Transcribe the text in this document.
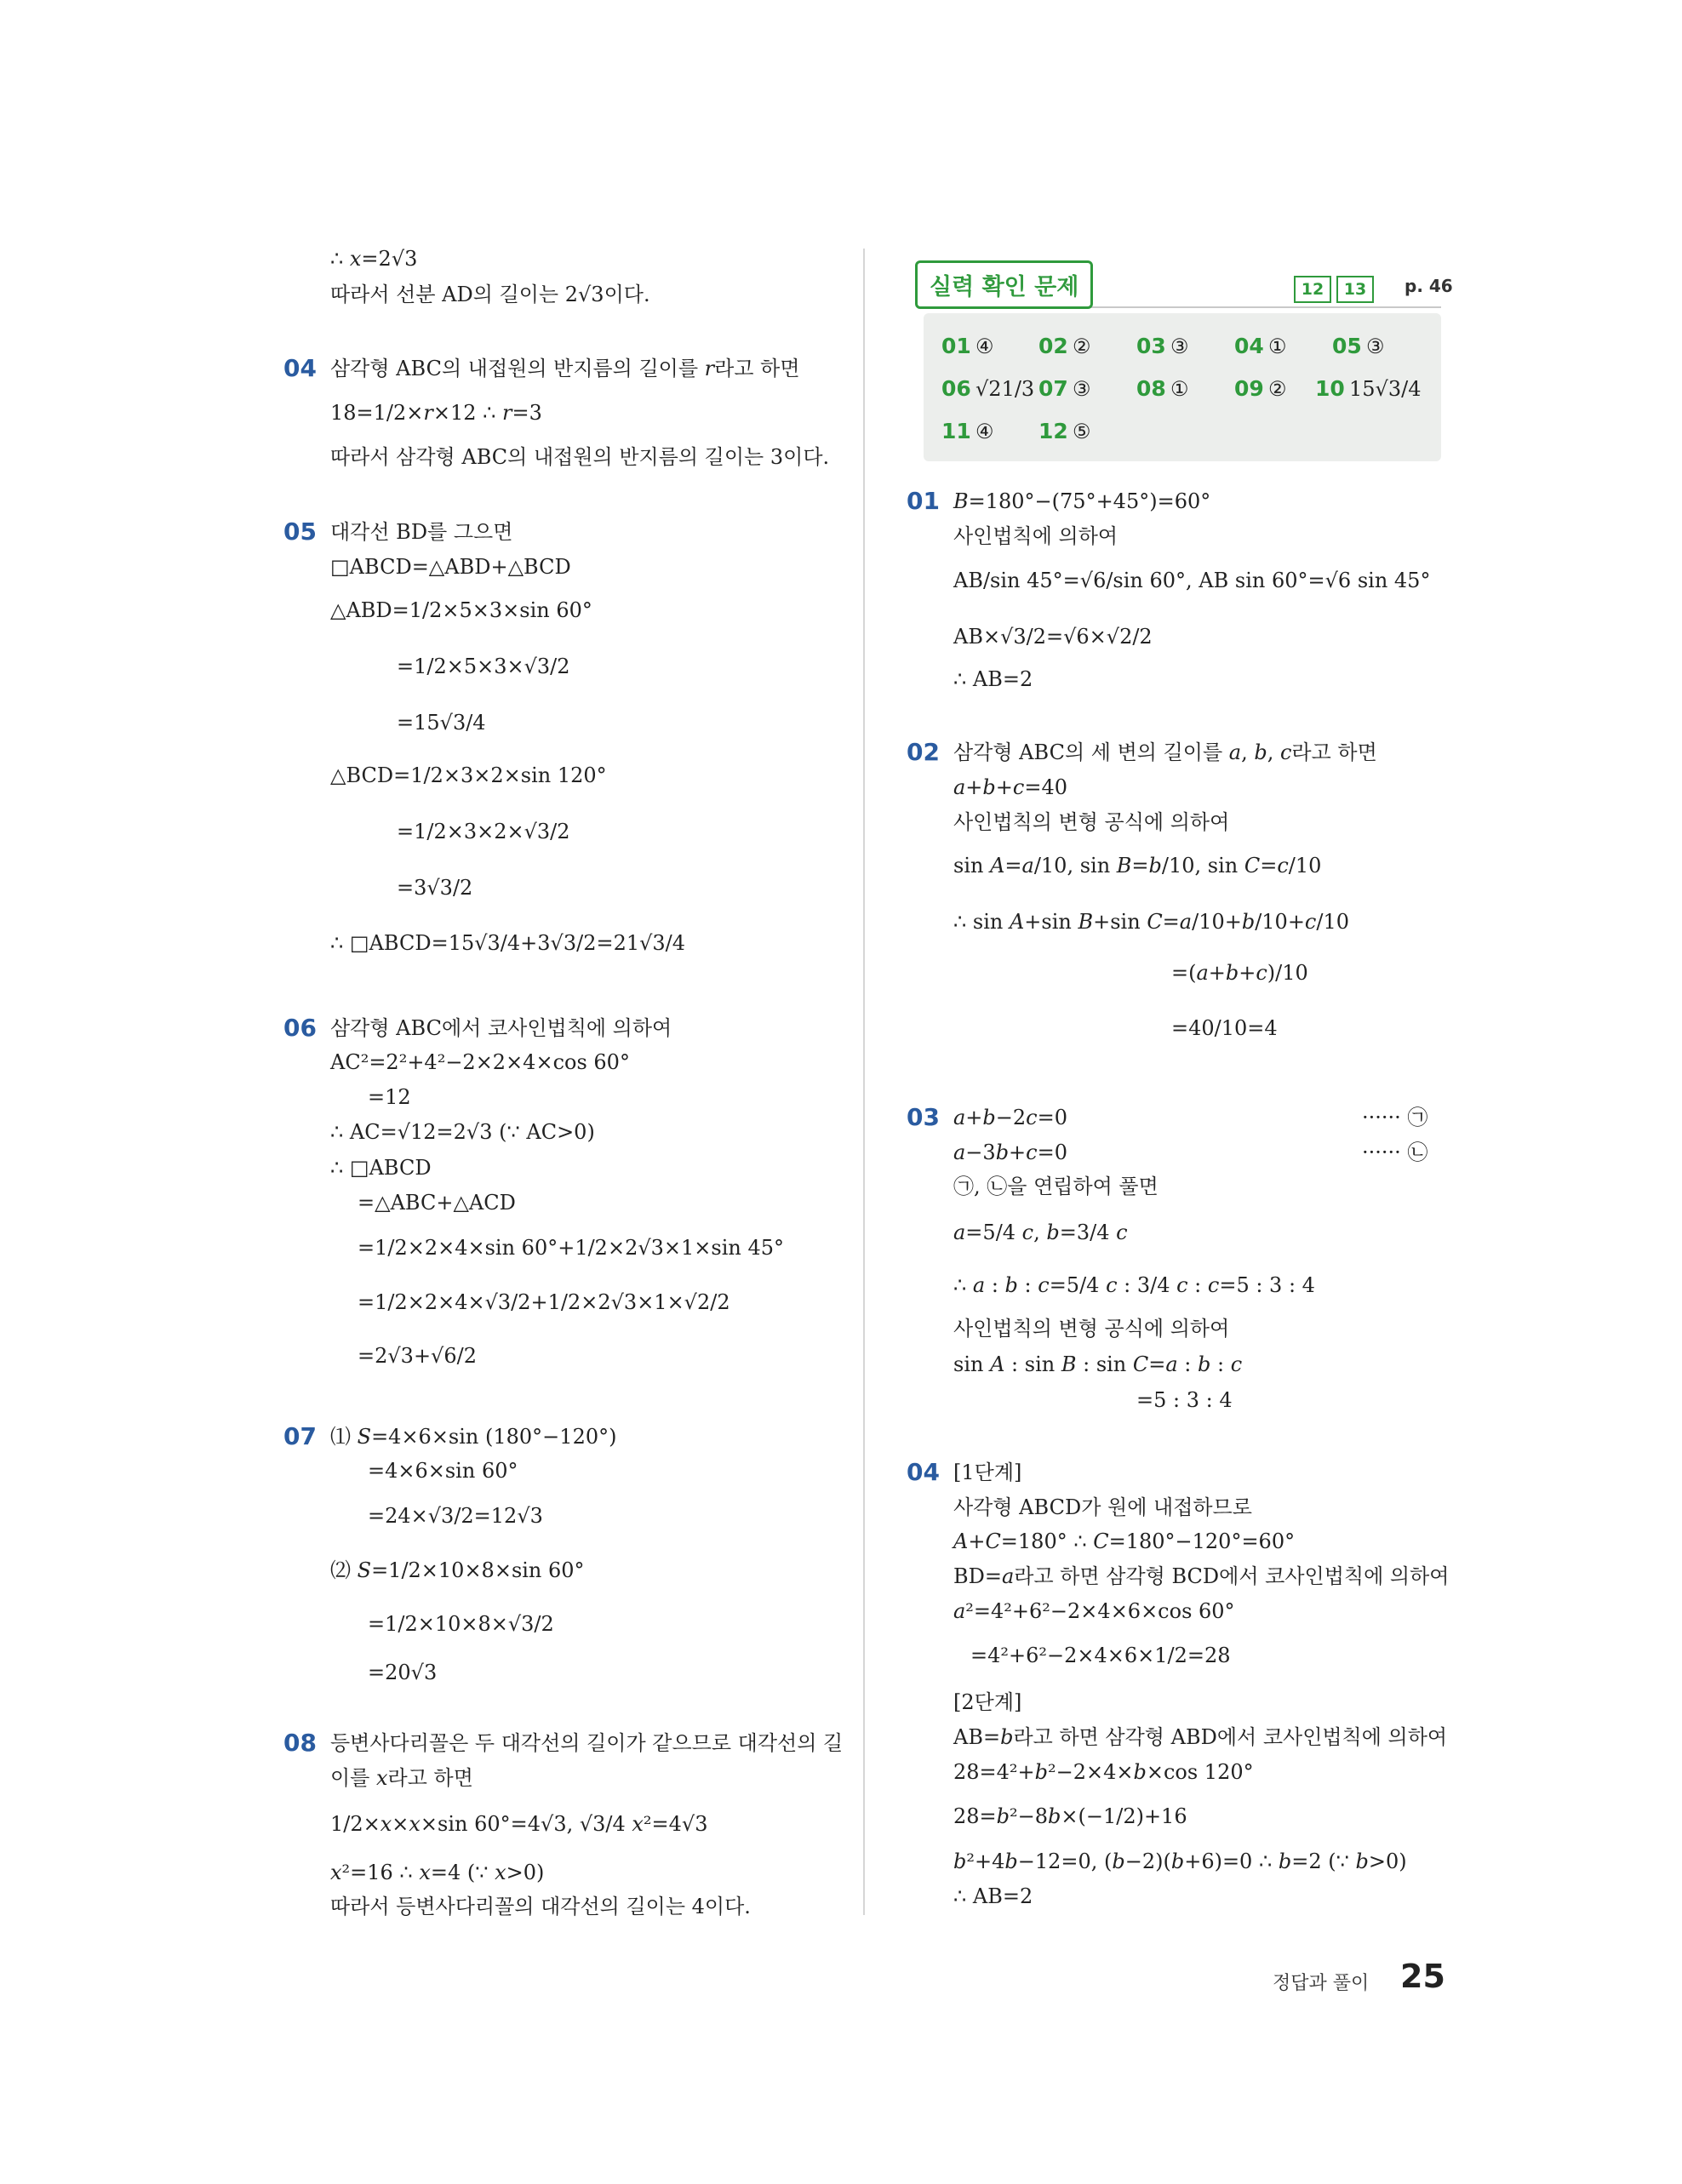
∴ 𝑥=2√3
따라서 선분 AD의 길이는 2√3이다.
04 삼각형 ABC의 내접원의 반지름의 길이를 𝑟라고 하면
18=1/2×𝑟×12 ∴ 𝑟=3
따라서 삼각형 ABC의 내접원의 반지름의 길이는 3이다.
05 대각선 BD를 그으면
□ABCD=△ABD+△BCD
△ABD=1/2×5×3×sin 60°
=1/2×5×3×√3/2
=15√3/4
△BCD=1/2×3×2×sin 120°
=1/2×3×2×√3/2
=3√3/2
∴ □ABCD=15√3/4+3√3/2=21√3/4
06 삼각형 ABC에서 코사인법칙에 의하여
AC²=2²+4²−2×2×4×cos 60°
=12
∴ AC=√12=2√3 (∵ AC>0)
∴ □ABCD
=△ABC+△ACD
=1/2×2×4×sin 60°+1/2×2√3×1×sin 45°
=1/2×2×4×√3/2+1/2×2√3×1×√2/2
=2√3+√6/2
07 ⑴ 𝑆=4×6×sin (180°−120°)
=4×6×sin 60°
=24×√3/2=12√3
⑵ 𝑆=1/2×10×8×sin 60°
=1/2×10×8×√3/2
=20√3
08 등변사다리꼴은 두 대각선의 길이가 같으므로 대각선의 길
이를 𝑥라고 하면
1/2×𝑥×𝑥×sin 60°=4√3, √3/4 𝑥²=4√3
𝑥²=16 ∴ 𝑥=4 (∵ 𝑥>0)
따라서 등변사다리꼴의 대각선의 길이는 4이다.
실력 확인 문제	12	13	p. 46
01 ④ 02 ② 03 ③ 04 ① 05 ③
06 √21/3 07 ③ 08 ① 09 ② 10 15√3/4
11 ④ 12 ⑤
01 𝐵=180°−(75°+45°)=60°
사인법칙에 의하여
AB/sin 45°=√6/sin 60°, AB sin 60°=√6 sin 45°
AB×√3/2=√6×√2/2
∴ AB=2
02 삼각형 ABC의 세 변의 길이를 𝑎, 𝑏, 𝑐라고 하면
𝑎+𝑏+𝑐=40
사인법칙의 변형 공식에 의하여
sin 𝐴=𝑎/10, sin 𝐵=𝑏/10, sin 𝐶=𝑐/10
∴ sin 𝐴+sin 𝐵+sin 𝐶=𝑎/10+𝑏/10+𝑐/10
=(𝑎+𝑏+𝑐)/10
=40/10=4
03 𝑎+𝑏−2𝑐=0	······ ㉠
𝑎−3𝑏+𝑐=0	······ ㉡
㉠, ㉡을 연립하여 풀면
𝑎=5/4 𝑐, 𝑏=3/4 𝑐
∴ 𝑎 : 𝑏 : 𝑐=5/4 𝑐 : 3/4 𝑐 : 𝑐=5 : 3 : 4
사인법칙의 변형 공식에 의하여
sin 𝐴 : sin 𝐵 : sin 𝐶=𝑎 : 𝑏 : 𝑐
=5 : 3 : 4
04 [1단계]
사각형 ABCD가 원에 내접하므로
𝐴+𝐶=180° ∴ 𝐶=180°−120°=60°
BD=𝑎라고 하면 삼각형 BCD에서 코사인법칙에 의하여
𝑎²=4²+6²−2×4×6×cos 60°
=4²+6²−2×4×6×1/2=28
[2단계]
AB=𝑏라고 하면 삼각형 ABD에서 코사인법칙에 의하여
28=4²+𝑏²−2×4×𝑏×cos 120°
28=𝑏²−8𝑏×(−1/2)+16
𝑏²+4𝑏−12=0, (𝑏−2)(𝑏+6)=0 ∴ 𝑏=2 (∵ 𝑏>0)
∴ AB=2
정답과 풀이 25
